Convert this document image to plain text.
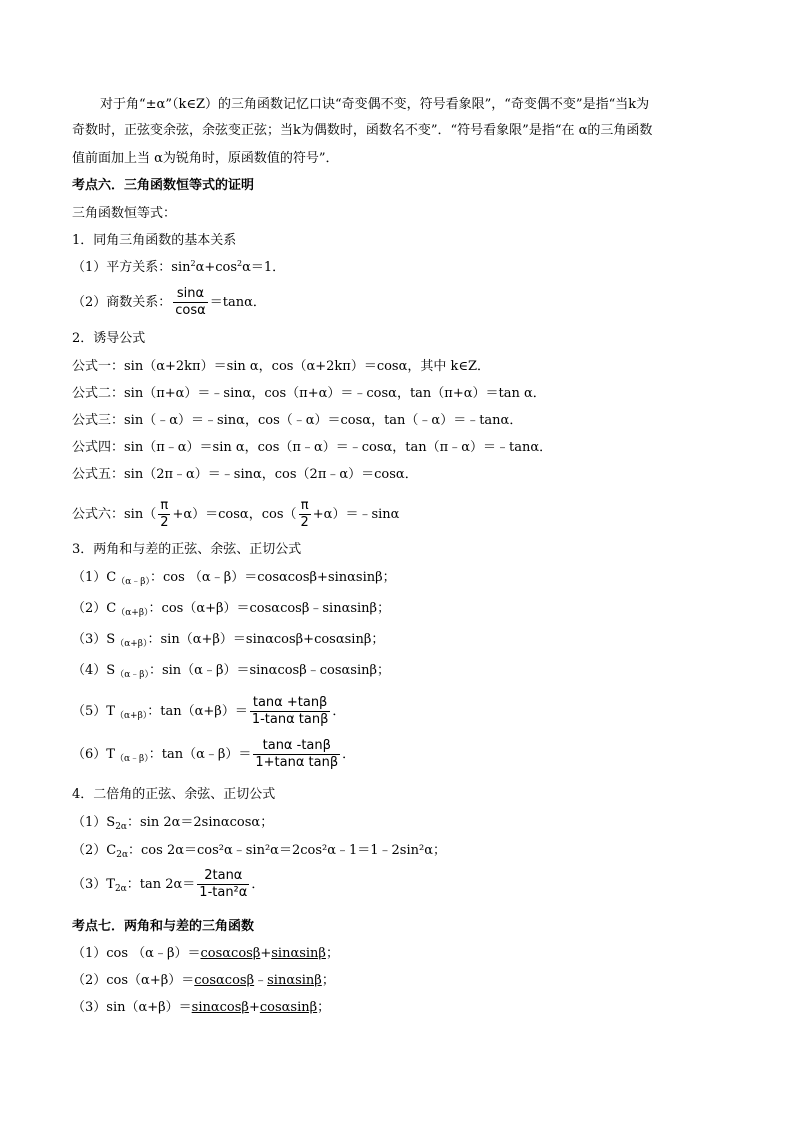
对于角“±α”（k∈Z）的三角函数记忆口诀“奇变偶不变，符号看象限”，“奇变偶不变”是指“当k为
奇数时，正弦变余弦，余弦变正弦；当k为偶数时，函数名不变”．“符号看象限”是指“在 α的三角函数
值前面加上当 α为锐角时，原函数值的符号”．
考点六．三角函数恒等式的证明
三角函数恒等式：
1．同角三角函数的基本关系
（1）平方关系：$\sin^2\alpha+\cos^2\alpha=1$．
（2）商数关系： $\frac{\sin\alpha}{\cos\alpha} =\tan\alpha$．
2．诱导公式
公式一：sin（α+2kπ）＝sin α，cos（α+2kπ）＝cosα，其中 k∈Z．
公式二：sin（π+α）＝﹣sinα，cos（π+α）＝﹣cosα，tan（π+α）＝tan α．
公式三：sin（﹣α）＝﹣sinα，cos（﹣α）＝cosα，tan（﹣α）＝﹣tanα．
公式四：sin（π﹣α）＝sin α，cos（π﹣α）＝﹣cosα，tan（π﹣α）＝﹣tanα．
公式五：sin（2π﹣α）＝﹣sinα，cos（2π﹣α）＝cosα．
公式六：$\sin( \frac{\pi}{2} +\alpha)=\cos\alpha$，$\cos( \frac{\pi}{2}$ +α）＝﹣sinα
3．两角和与差的正弦、余弦、正切公式
$(1)C_{(\alpha﹣\beta)}$：cos （α﹣β）＝cosαcosβ+sinαsinβ；
$(2)C_{(\alpha+\beta)}$：cos（α+β）＝cosαcosβ﹣sinαsinβ；
$(3)S_{(\alpha+\beta)}$：sin（α+β）＝sinαcosβ+cosαsinβ；
$(4)S_{(\alpha﹣\beta)}$：sin（α﹣β）＝sinαcosβ﹣cosαsinβ；
$(5)T_{(\alpha+\beta)}$：$\tan(\alpha+\beta)= \frac{\tan\alpha +\tan\beta}{\text{1-tanα tanβ}}$ ．
$(6)T_{(\alpha﹣\beta)}$：tan（α﹣β）＝ $\frac{\tan\alpha -\tan\beta}{\text{1+tanα tanβ}}$ ．
4．二倍角的正弦、余弦、正切公式
$(1)S_{2\alpha}$：sin 2α＝2sinαcosα；
$(2)C_{2\alpha}$：cos 2α＝cos²α﹣sin²α＝2cos²α﹣1＝1﹣2sin²α；
$(3)T_{2\alpha}$：$\tan 2\alpha= \frac{2\tan\alpha}{\text{1-tan²α}}$ ．
考点七．两角和与差的三角函数
（1）cos （α﹣β）＝cosαcosβ+sinαsinβ；
（2）cos（α+β）＝cosαcosβ﹣sinαsinβ；
（3）sin（α+β）＝sinαcosβ+cosαsinβ；
